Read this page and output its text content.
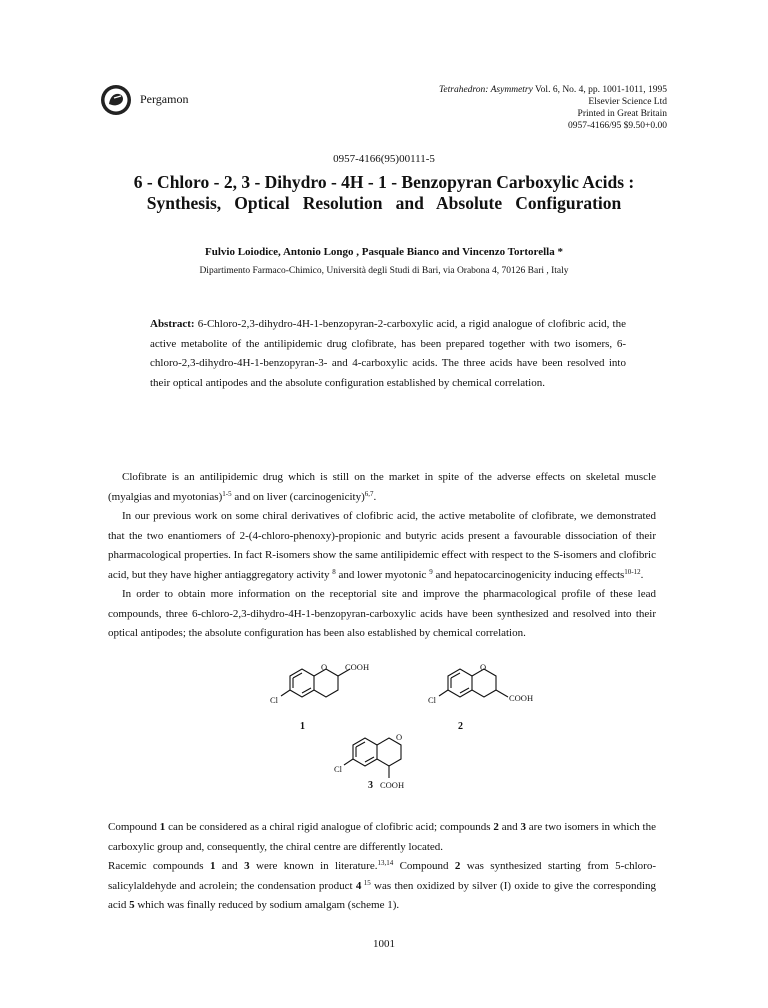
Pergamon
Tetrahedron: Asymmetry Vol. 6, No. 4, pp. 1001-1011, 1995
Elsevier Science Ltd
Printed in Great Britain
0957-4166/95 $9.50+0.00
0957-4166(95)00111-5
6 - Chloro - 2, 3 - Dihydro - 4H - 1 - Benzopyran Carboxylic Acids :
Synthesis,   Optical   Resolution   and   Absolute   Configuration
Fulvio Loiodice, Antonio Longo , Pasquale Bianco and Vincenzo Tortorella *
Dipartimento Farmaco-Chimico, Università degli Studi di Bari, via Orabona 4, 70126 Bari , Italy
Abstract: 6-Chloro-2,3-dihydro-4H-1-benzopyran-2-carboxylic acid, a rigid analogue of clofibric acid, the active metabolite of the antilipidemic drug clofibrate, has been prepared together with two isomers, 6-chloro-2,3-dihydro-4H-1-benzopyran-3- and 4-carboxylic acids. The three acids have been resolved into their optical antipodes and the absolute configuration established by chemical correlation.

Clofibrate is an antilipidemic drug which is still on the market in spite of the adverse effects on skeletal muscle (myalgias and myotonias)$^{1-5}$ and on liver (carcinogenicity)$^{6,7}$.

In our previous work on some chiral derivatives of clofibric acid, the active metabolite of clofibrate, we demonstrated that the two enantiomers of 2-(4-chloro-phenoxy)-propionic and butyric acids present a favourable dissociation of their pharmacological properties. In fact R-isomers show the same antilipidemic effect with respect to the S-isomers and clofibric acid, but they have higher antiaggregatory activity $^8$ and lower myotonic $^9$ and hepatocarcinogenicity inducing effects$^{10-12}$.

In order to obtain more information on the receptorial site and improve the pharmacological profile of these lead compounds, three 6-chloro-2,3-dihydro-4H-1-benzopyran-carboxylic acids have been synthesized and resolved into their optical antipodes; the absolute configuration has been also established by chemical correlation.

O COOH
Cl
1
O
COOH
Cl
2
O
COOH
Cl
3

Compound 1 can be considered as a chiral rigid analogue of clofibric acid; compounds 2 and 3 are two isomers in which the carboxylic group and, consequently, the chiral centre are differently located.

Racemic compounds 1 and 3 were known in literature.$^{13,14}$ Compound 2 was synthesized starting from 5-chloro-salicylaldehyde and acrolein; the condensation product 4 $^{15}$ was then oxidized by silver (I) oxide to give the corresponding acid 5 which was finally reduced by sodium amalgam (scheme 1).

1001
